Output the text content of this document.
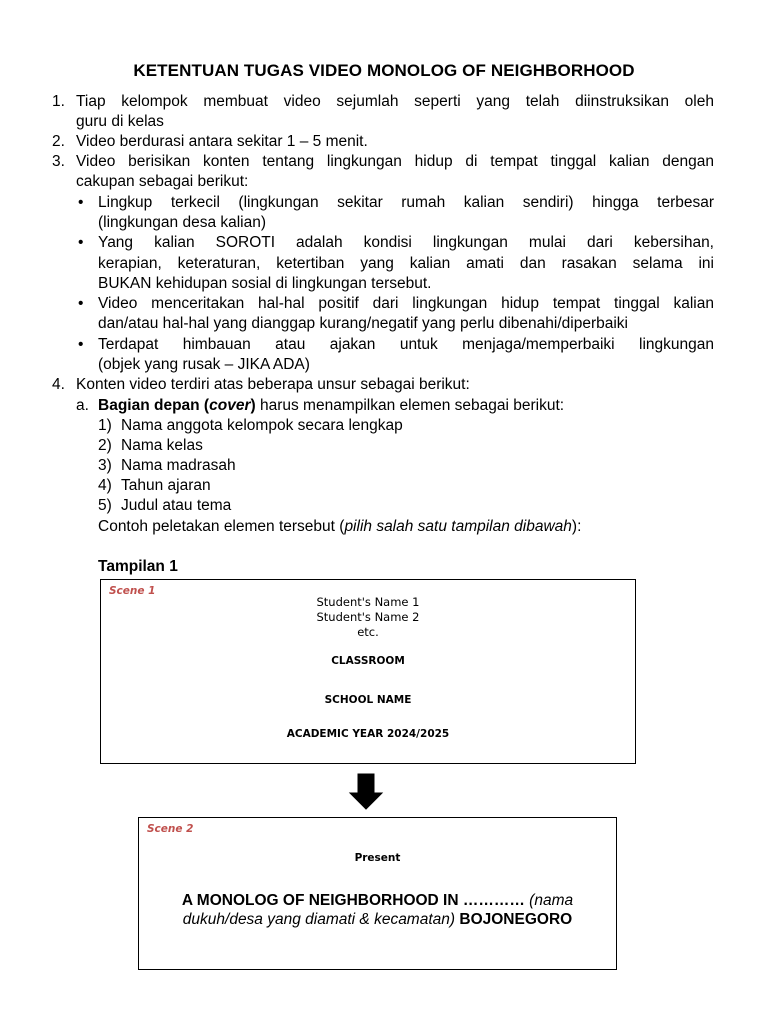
KETENTUAN TUGAS VIDEO MONOLOG OF NEIGHBORHOOD
1. Tiap kelompok membuat video sejumlah seperti yang telah diinstruksikan oleh
guru di kelas
2. Video berdurasi antara sekitar 1 – 5 menit.
3. Video berisikan konten tentang lingkungan hidup di tempat tinggal kalian dengan
cakupan sebagai berikut:
• Lingkup terkecil (lingkungan sekitar rumah kalian sendiri) hingga terbesar
(lingkungan desa kalian)
• Yang kalian SOROTI adalah kondisi lingkungan mulai dari kebersihan,
kerapian, keteraturan, ketertiban yang kalian amati dan rasakan selama ini
BUKAN kehidupan sosial di lingkungan tersebut.
• Video menceritakan hal-hal positif dari lingkungan hidup tempat tinggal kalian
dan/atau hal-hal yang dianggap kurang/negatif yang perlu dibenahi/diperbaiki
• Terdapat himbauan atau ajakan untuk menjaga/memperbaiki lingkungan
(objek yang rusak – JIKA ADA)
4. Konten video terdiri atas beberapa unsur sebagai berikut:
a. Bagian depan (cover) harus menampilkan elemen sebagai berikut:
1) Nama anggota kelompok secara lengkap
2) Nama kelas
3) Nama madrasah
4) Tahun ajaran
5) Judul atau tema
Contoh peletakan elemen tersebut (pilih salah satu tampilan dibawah):
Tampilan 1
Scene 1
Student's Name 1
Student's Name 2
etc.
CLASSROOM
SCHOOL NAME
ACADEMIC YEAR 2024/2025
Scene 2
Present
A MONOLOG OF NEIGHBORHOOD IN ………… (nama
dukuh/desa yang diamati & kecamatan) BOJONEGORO
